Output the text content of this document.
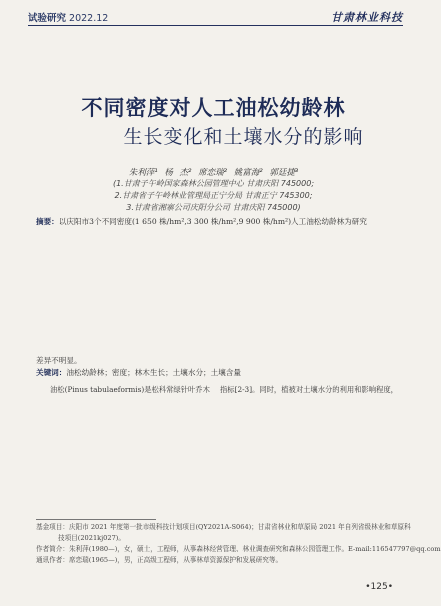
试验研究 2022.12	甘肃林业科技
不同密度对人工油松幼龄林
生长变化和土壤水分的影响
朱利萍¹ 杨 杰² 席恋瑞² 姚富海² 郭廷捷³
(1.甘肃子午岭国家森林公园管理中心 甘肃庆阳 745000;
2.甘肃省子午岭林业管理局正宁分局 甘肃正宁 745300;
3.甘肃省湘寨公司庆阳分公司 甘肃庆阳 745000)
摘要：以庆阳市3个不同密度(1 650 株/hm²,3 300 株/hm²,9 900 株/hm²)人工油松幼龄林为研究
差异不明显。
关键词：油松幼龄林；密度；林木生长；土壤水分；土壤含量

油松(Pinus tabulaeformis)是松科常绿针叶乔木 指标[2-3]。同时，植被对土壤水分的利用和影响程度，

基金项目：庆阳市 2021 年度第一批市级科技计划项目(QY2021A-S064)；甘肃省林业和草原局 2021 年自列省级林业和草原科
技项目(2021kj027)。
作者简介：朱利萍(1980—)，女，硕士，工程师，从事森林经营管理、林业调查研究和森林公园管理工作。E-mail:116547797@qq.com
通讯作者：席恋瑞(1965—)，男，正高级工程师，从事林草资源保护和发展研究等。
•125•
